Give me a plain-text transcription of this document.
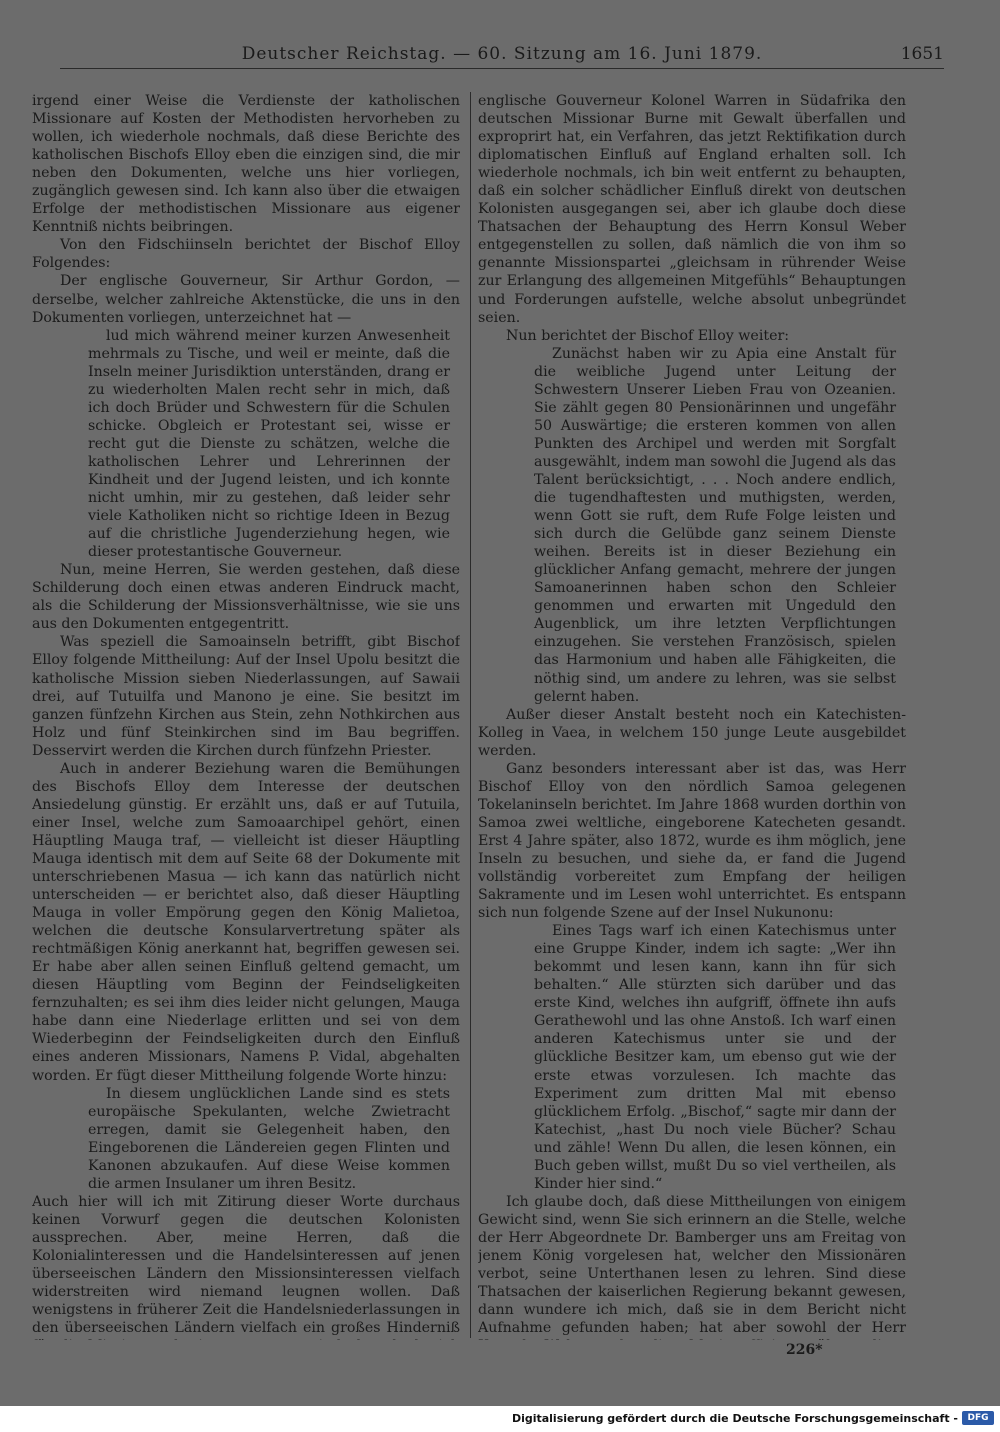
Deutscher Reichstag. — 60. Sitzung am 16. Juni 1879.	1651

irgend einer Weise die Verdienste der katholischen Missionare auf Kosten der Methodisten hervorheben zu wollen, ich wiederhole nochmals, daß diese Berichte des katholischen Bischofs Elloy eben die einzigen sind, die mir neben den Dokumenten, welche uns hier vorliegen, zugänglich gewesen sind. Ich kann also über die etwaigen Erfolge der methodistischen Missionare aus eigener Kenntniß nichts beibringen.

Von den Fidschiinseln berichtet der Bischof Elloy Folgendes:

Der englische Gouverneur, Sir Arthur Gordon, — derselbe, welcher zahlreiche Aktenstücke, die uns in den Dokumenten vorliegen, unterzeichnet hat —

lud mich während meiner kurzen Anwesenheit mehrmals zu Tische, und weil er meinte, daß die Inseln meiner Jurisdiktion unterständen, drang er zu wiederholten Malen recht sehr in mich, daß ich doch Brüder und Schwestern für die Schulen schicke. Obgleich er Protestant sei, wisse er recht gut die Dienste zu schätzen, welche die katholischen Lehrer und Lehrerinnen der Kindheit und der Jugend leisten, und ich konnte nicht umhin, mir zu gestehen, daß leider sehr viele Katholiken nicht so richtige Ideen in Bezug auf die christliche Jugenderziehung hegen, wie dieser protestantische Gouverneur.

Nun, meine Herren, Sie werden gestehen, daß diese Schilderung doch einen etwas anderen Eindruck macht, als die Schilderung der Missionsverhältnisse, wie sie uns aus den Dokumenten entgegentritt.

Was speziell die Samoainseln betrifft, gibt Bischof Elloy folgende Mittheilung: Auf der Insel Upolu besitzt die katholische Mission sieben Niederlassungen, auf Sawaii drei, auf Tutuilfa und Manono je eine. Sie besitzt im ganzen fünfzehn Kirchen aus Stein, zehn Nothkirchen aus Holz und fünf Steinkirchen sind im Bau begriffen. Desservirt werden die Kirchen durch fünfzehn Priester.

Auch in anderer Beziehung waren die Bemühungen des Bischofs Elloy dem Interesse der deutschen Ansiedelung günstig. Er erzählt uns, daß er auf Tutuila, einer Insel, welche zum Samoaarchipel gehört, einen Häuptling Mauga traf, — vielleicht ist dieser Häuptling Mauga identisch mit dem auf Seite 68 der Dokumente mit unterschriebenen Masua — ich kann das natürlich nicht unterscheiden — er berichtet also, daß dieser Häuptling Mauga in voller Empörung gegen den König Malietoa, welchen die deutsche Konsularvertretung später als rechtmäßigen König anerkannt hat, begriffen gewesen sei. Er habe aber allen seinen Einfluß geltend gemacht, um diesen Häuptling vom Beginn der Feindseligkeiten fernzuhalten; es sei ihm dies leider nicht gelungen, Mauga habe dann eine Niederlage erlitten und sei von dem Wiederbeginn der Feindseligkeiten durch den Einfluß eines anderen Missionars, Namens P. Vidal, abgehalten worden. Er fügt dieser Mittheilung folgende Worte hinzu:

In diesem unglücklichen Lande sind es stets europäische Spekulanten, welche Zwietracht erregen, damit sie Gelegenheit haben, den Eingeborenen die Ländereien gegen Flinten und Kanonen abzukaufen. Auf diese Weise kommen die armen Insulaner um ihren Besitz.

Auch hier will ich mit Zitirung dieser Worte durchaus keinen Vorwurf gegen die deutschen Kolonisten aussprechen. Aber, meine Herren, daß die Kolonialinteressen und die Handelsinteressen auf jenen überseeischen Ländern den Missionsinteressen vielfach widerstreiten wird niemand leugnen wollen. Daß wenigstens in früherer Zeit die Handelsniederlassungen in den überseeischen Ländern vielfach ein großes Hinderniß

englische Gouverneur Kolonel Warren in Südafrika den deutschen Missionar Burne mit Gewalt überfallen und exproprirt hat, ein Verfahren, das jetzt Rektifikation durch diplomatischen Einfluß auf England erhalten soll. Ich wiederhole nochmals, ich bin weit entfernt zu behaupten, daß ein solcher schädlicher Einfluß direkt von deutschen Kolonisten ausgegangen sei, aber ich glaube doch diese Thatsachen der Behauptung des Herrn Konsul Weber entgegenstellen zu sollen, daß nämlich die von ihm so genannte Missionspartei „gleichsam in rührender Weise zur Erlangung des allgemeinen Mitgefühls“ Behauptungen und Forderungen aufstelle, welche absolut unbegründet seien.

Nun berichtet der Bischof Elloy weiter:

Zunächst haben wir zu Apia eine Anstalt für die weibliche Jugend unter Leitung der Schwestern Unserer Lieben Frau von Ozeanien. Sie zählt gegen 80 Pensionärinnen und ungefähr 50 Auswärtige; die ersteren kommen von allen Punkten des Archipel und werden mit Sorgfalt ausgewählt, indem man sowohl die Jugend als das Talent berücksichtigt, . . . Noch andere endlich, die tugendhaftesten und muthigsten, werden, wenn Gott sie ruft, dem Rufe Folge leisten und sich durch die Gelübde ganz seinem Dienste weihen. Bereits ist in dieser Beziehung ein glücklicher Anfang gemacht, mehrere der jungen Samoanerinnen haben schon den Schleier genommen und erwarten mit Ungeduld den Augenblick, um ihre letzten Verpflichtungen einzugehen. Sie verstehen Französisch, spielen das Harmonium und haben alle Fähigkeiten, die nöthig sind, um andere zu lehren, was sie selbst gelernt haben.

Außer dieser Anstalt besteht noch ein Katechisten-Kolleg in Vaea, in welchem 150 junge Leute ausgebildet werden.

Ganz besonders interessant aber ist das, was Herr Bischof Elloy von den nördlich Samoa gelegenen Tokelaninseln berichtet. Im Jahre 1868 wurden dorthin von Samoa zwei weltliche, eingeborene Katecheten gesandt. Erst 4 Jahre später, also 1872, wurde es ihm möglich, jene Inseln zu besuchen, und siehe da, er fand die Jugend vollständig vorbereitet zum Empfang der heiligen Sakramente und im Lesen wohl unterrichtet. Es entspann sich nun folgende Szene auf der Insel Nukunonu:

Eines Tags warf ich einen Katechismus unter eine Gruppe Kinder, indem ich sagte: „Wer ihn bekommt und lesen kann, kann ihn für sich behalten.“ Alle stürzten sich darüber und das erste Kind, welches ihn aufgriff, öffnete ihn aufs Gerathewohl und las ohne Anstoß. Ich warf einen anderen Katechismus unter sie und der glückliche Besitzer kam, um ebenso gut wie der erste etwas vorzulesen. Ich machte das Experiment zum dritten Mal mit ebenso glücklichem Erfolg. „Bischof,“ sagte mir dann der Katechist, „hast Du noch viele Bücher? Schau und zähle! Wenn Du allen, die lesen können, ein Buch geben willst, mußt Du so viel vertheilen, als Kinder hier sind.“

Ich glaube doch, daß diese Mittheilungen von einigem Gewicht sind, wenn Sie sich erinnern an die Stelle, welche der Herr Abgeordnete Dr. Bamberger uns am Freitag von jenem König vorgelesen hat, welcher den Missionären verbot, seine Unterthanen lesen zu lehren. Sind diese Thatsachen der kaiserlichen Regierung bekannt gewesen, dann wundere ich mich, daß sie in dem Bericht nicht Aufnahme gefunden haben; hat aber sowohl der Herr

226*
Digitalisierung gefördert durch die Deutsche Forschungsgemeinschaft -	DFG
